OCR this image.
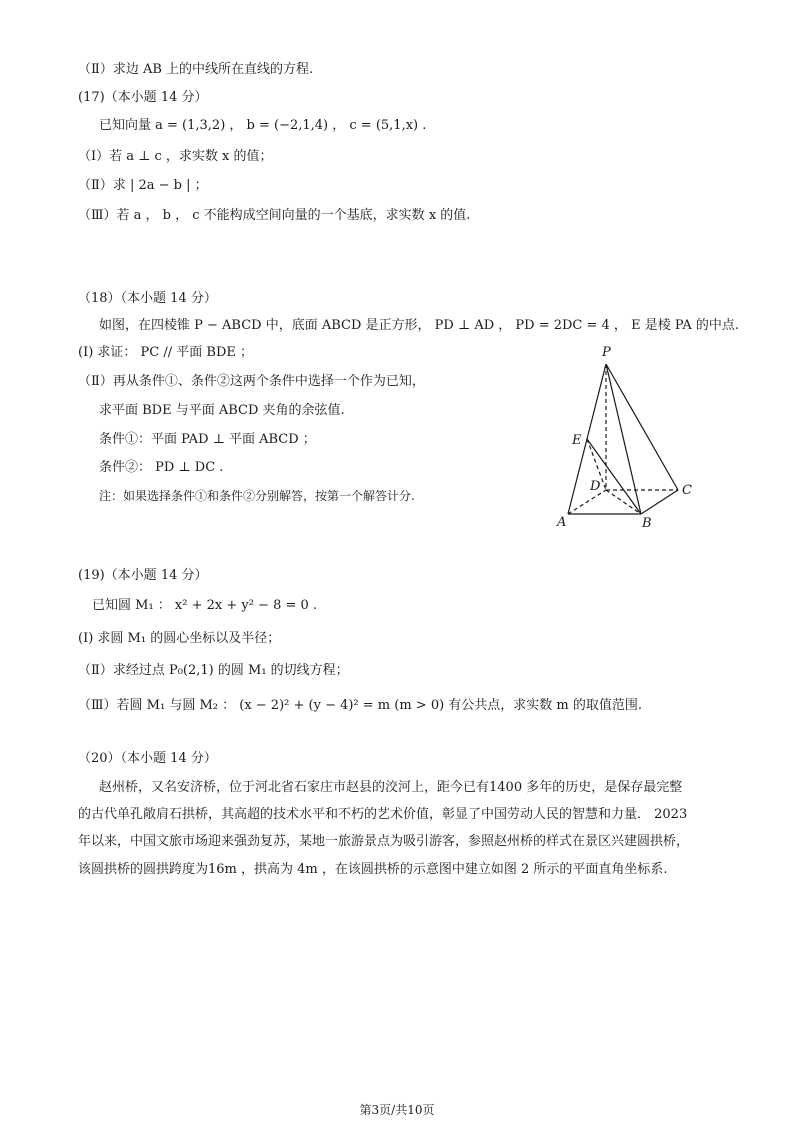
（Ⅱ）求边 AB 上的中线所在直线的方程.
(17)（本小题 14 分）
已知向量 a = (1,3,2) ， b = (−2,1,4) ， c = (5,1,x) .
（Ⅰ）若 a ⊥ c ，求实数 x 的值；
（Ⅱ）求 | 2a − b | ；
（Ⅲ）若 a ， b ， c 不能构成空间向量的一个基底，求实数 x 的值.
（18）（本小题 14 分）
如图，在四棱锥 P − ABCD 中，底面 ABCD 是正方形， PD ⊥ AD ， PD = 2DC = 4 ， E 是棱 PA 的中点.
(Ⅰ) 求证： PC // 平面 BDE ；
（Ⅱ）再从条件①、条件②这两个条件中选择一个作为已知，
求平面 BDE 与平面 ABCD 夹角的余弦值.
条件①：平面 PAD ⊥ 平面 ABCD ；
条件②： PD ⊥ DC .
注：如果选择条件①和条件②分别解答，按第一个解答计分.
P
E
D	C
A	B
(19)（本小题 14 分）
已知圆 M₁ ： x² + 2x + y² − 8 = 0 .
(Ⅰ) 求圆 M₁ 的圆心坐标以及半径；
（Ⅱ）求经过点 P₀(2,1) 的圆 M₁ 的切线方程；
（Ⅲ）若圆 M₁ 与圆 M₂ ： (x − 2)² + (y − 4)² = m (m > 0) 有公共点，求实数 m 的取值范围.
（20）（本小题 14 分）
赵州桥，又名安济桥，位于河北省石家庄市赵县的洨河上，距今已有1400 多年的历史，是保存最完整
的古代单孔敞肩石拱桥，其高超的技术水平和不朽的艺术价值，彰显了中国劳动人民的智慧和力量． 2023
年以来，中国文旅市场迎来强劲复苏，某地一旅游景点为吸引游客，参照赵州桥的样式在景区兴建圆拱桥，
该圆拱桥的圆拱跨度为16m ，拱高为 4m ，在该圆拱桥的示意图中建立如图 2 所示的平面直角坐标系.
第3页/共10页
